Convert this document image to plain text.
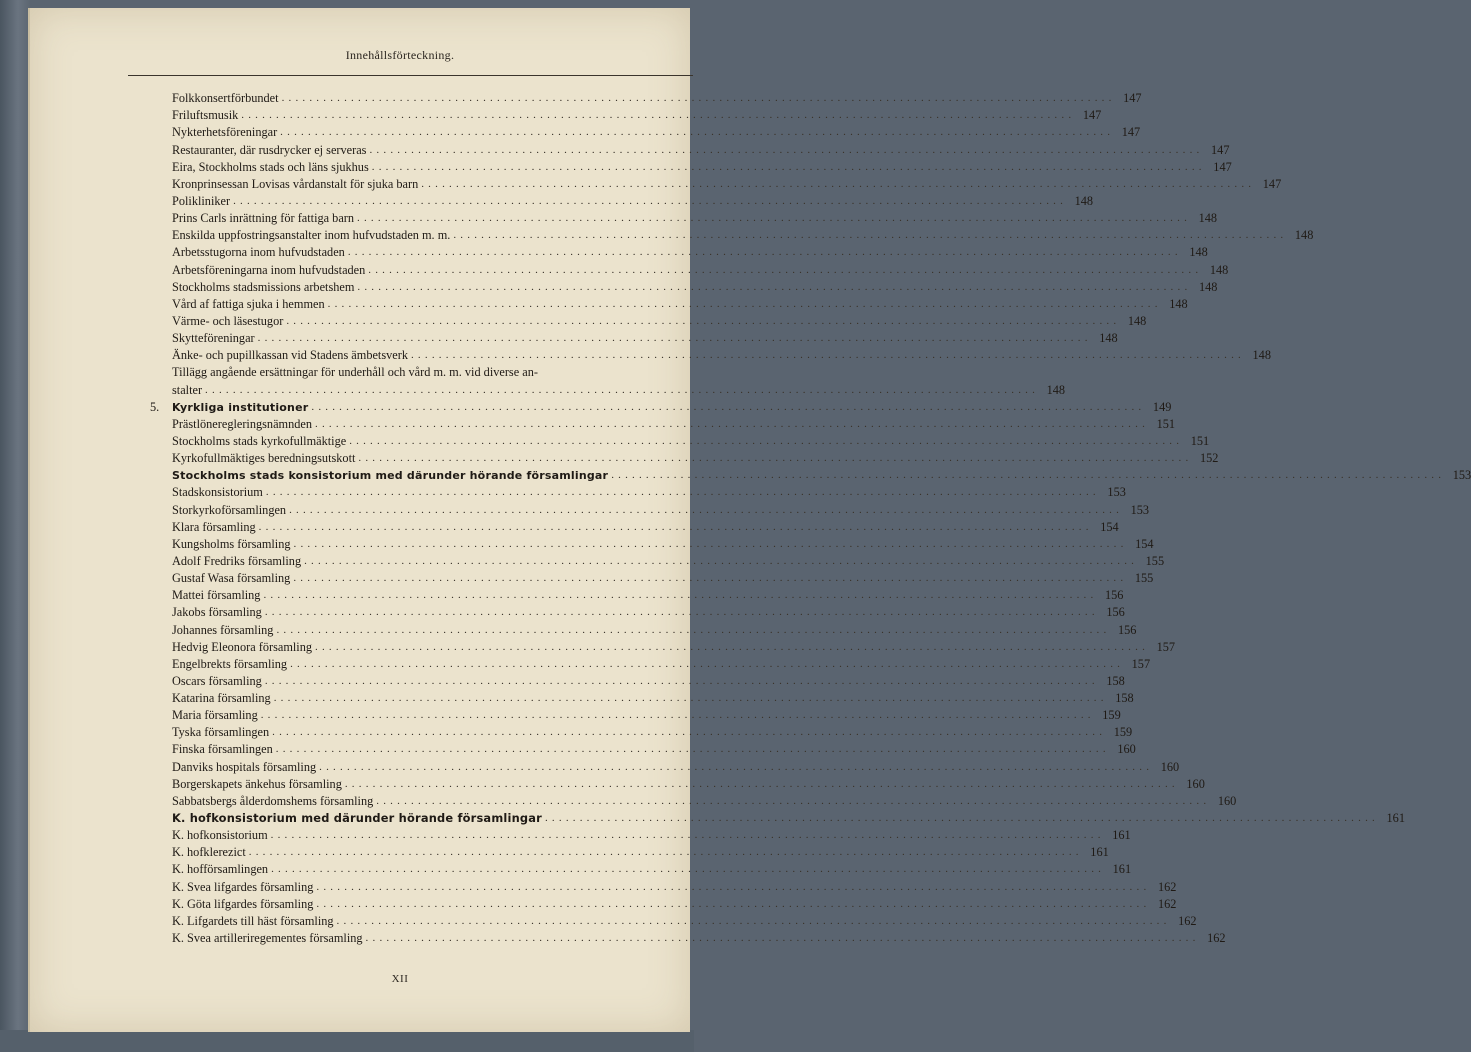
Innehållsförteckning.
Folkkonsertförbundet ........................................................................................................................ 147
Friluftsmusik ........................................................................................................................ 147
Nykterhetsföreningar ........................................................................................................................ 147
Restauranter, där rusdrycker ej serveras ........................................................................................................................ 147
Eira, Stockholms stads och läns sjukhus ........................................................................................................................ 147
Kronprinsessan Lovisas vårdanstalt för sjuka barn ........................................................................................................................ 147
Polikliniker ........................................................................................................................ 148
Prins Carls inrättning för fattiga barn ........................................................................................................................ 148
Enskilda uppfostringsanstalter inom hufvudstaden m. m. ........................................................................................................................ 148
Arbetsstugorna inom hufvudstaden ........................................................................................................................ 148
Arbetsföreningarna inom hufvudstaden ........................................................................................................................ 148
Stockholms stadsmissions arbetshem ........................................................................................................................ 148
Vård af fattiga sjuka i hemmen ........................................................................................................................ 148
Värme- och läsestugor ........................................................................................................................ 148
Skytteföreningar ........................................................................................................................ 148
Änke- och pupillkassan vid Stadens ämbetsverk ........................................................................................................................ 148
Tillägg angående ersättningar för underhåll och vård m. m. vid diverse an-
stalter ........................................................................................................................ 148
5.	Kyrkliga institutioner ........................................................................................................................ 149
Prästlöneregleringsnämnden ........................................................................................................................ 151
Stockholms stads kyrkofullmäktige ........................................................................................................................ 151
Kyrkofullmäktiges beredningsutskott ........................................................................................................................ 152
Stockholms stads konsistorium med därunder hörande församlingar ........................................................................................................................ 153
Stadskonsistorium ........................................................................................................................ 153
Storkyrkoförsamlingen ........................................................................................................................ 153
Klara församling ........................................................................................................................ 154
Kungsholms församling ........................................................................................................................ 154
Adolf Fredriks församling ........................................................................................................................ 155
Gustaf Wasa församling ........................................................................................................................ 155
Mattei församling ........................................................................................................................ 156
Jakobs församling ........................................................................................................................ 156
Johannes församling ........................................................................................................................ 156
Hedvig Eleonora församling ........................................................................................................................ 157
Engelbrekts församling ........................................................................................................................ 157
Oscars församling ........................................................................................................................ 158
Katarina församling ........................................................................................................................ 158
Maria församling ........................................................................................................................ 159
Tyska församlingen ........................................................................................................................ 159
Finska församlingen ........................................................................................................................ 160
Danviks hospitals församling ........................................................................................................................ 160
Borgerskapets änkehus församling ........................................................................................................................ 160
Sabbatsbergs ålderdomshems församling ........................................................................................................................ 160
K. hofkonsistorium med därunder hörande församlingar ........................................................................................................................ 161
K. hofkonsistorium ........................................................................................................................ 161
K. hofklerezict ........................................................................................................................ 161
K. hofförsamlingen ........................................................................................................................ 161
K. Svea lifgardes församling ........................................................................................................................ 162
K. Göta lifgardes församling ........................................................................................................................ 162
K. Lifgardets till häst församling ........................................................................................................................ 162
K. Svea artilleriregementes församling ........................................................................................................................ 162
XII
